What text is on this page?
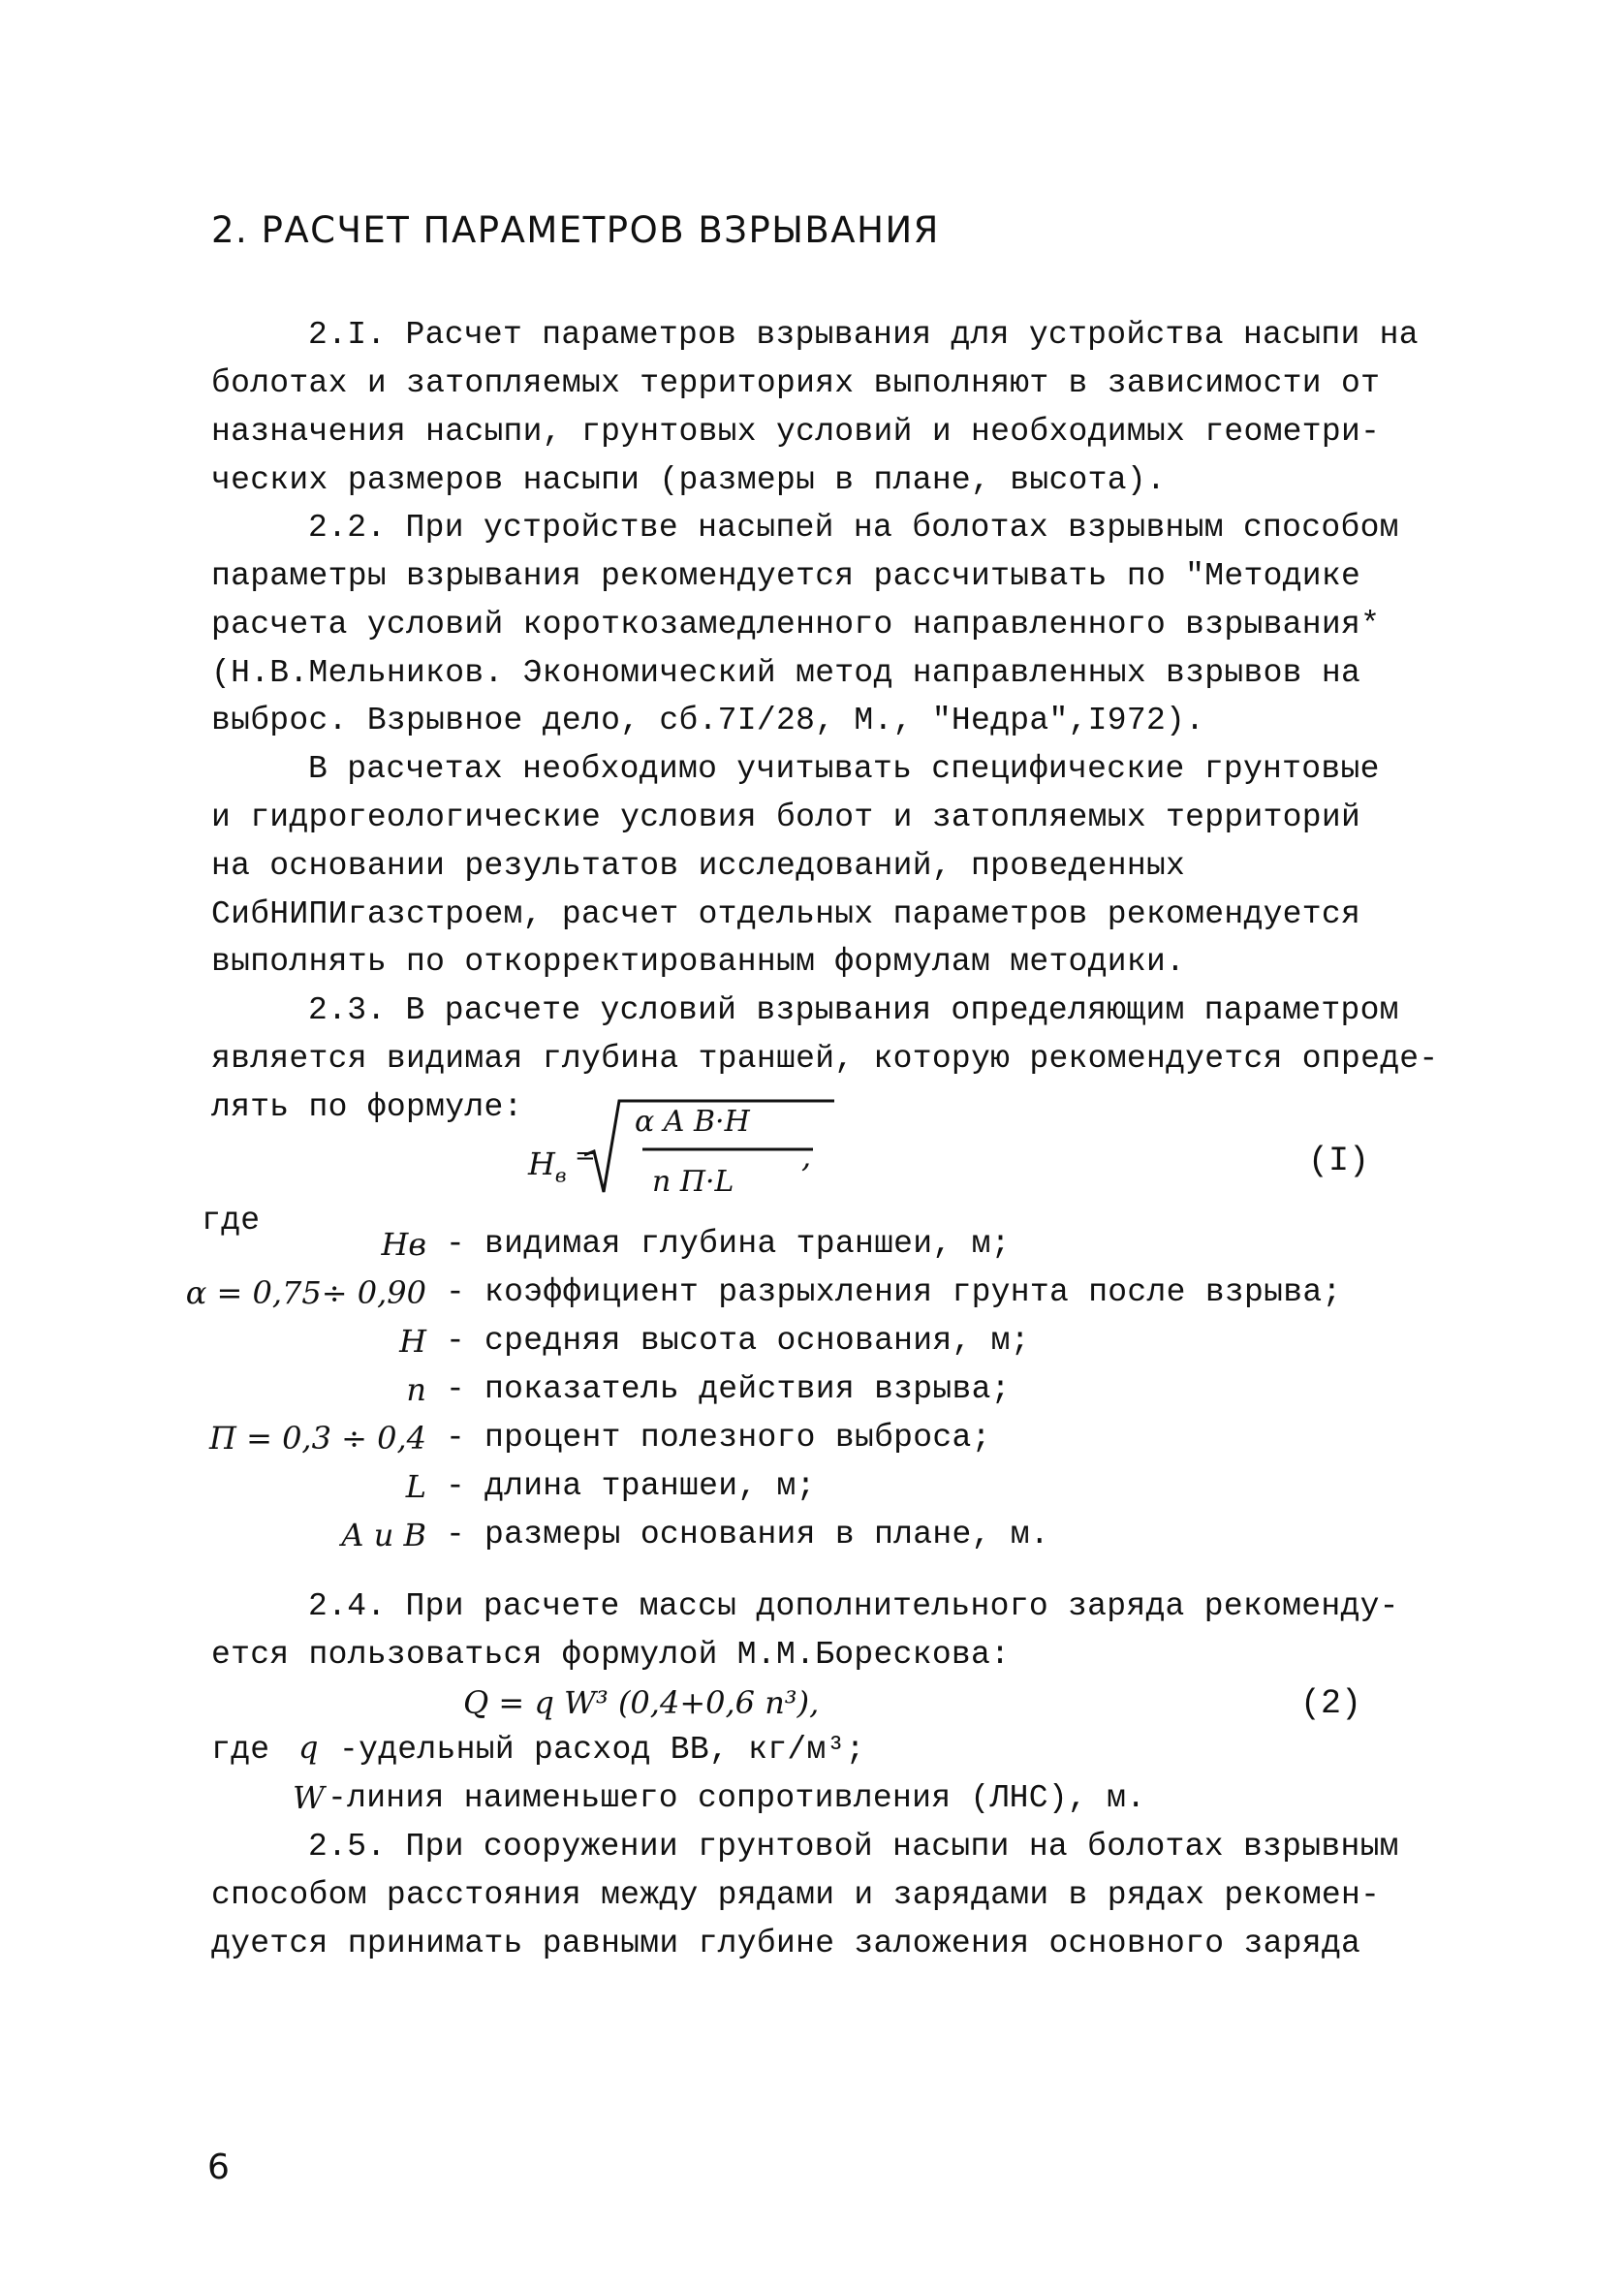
2. РАСЧЕТ ПАРАМЕТРОВ ВЗРЫВАНИЯ
2.I. Расчет параметров взрывания для устройства насыпи на
болотах и затопляемых территориях выполняют в зависимости от
назначения насыпи, грунтовых условий и необходимых геометри-
ческих размеров насыпи (размеры в плане, высота).
2.2. При устройстве насыпей на болотах взрывным способом
параметры взрывания рекомендуется рассчитывать по "Методике
расчета условий короткозамедленного направленного взрывания*
(Н.В.Мельников. Экономический метод направленных взрывов на
выброс. Взрывное дело, сб.7I/28, М., "Недра",I972).
В расчетах необходимо учитывать специфические грунтовые
и гидрогеологические условия болот и затопляемых территорий
на основании результатов исследований, проведенных
СибНИПИгазстроем, расчет отдельных параметров рекомендуется
выполнять по откорректированным формулам методики.
2.3. В расчете условий взрывания определяющим параметром
является видимая глубина траншей, которую рекомендуется опреде-
лять по формуле:
$H_в$
=
α A B·H
n П·L
,	(I)
где
Hв - видимая глубина траншеи, м;
α = 0,75÷ 0,90 - коэффициент разрыхления грунта после взрыва;
H - средняя высота основания, м;
n - показатель действия взрыва;
П = 0,3 ÷ 0,4 - процент полезного выброса;
L - длина траншеи, м;
A и B - размеры основания в плане, м.
2.4. При расчете массы дополнительного заряда рекоменду-
ется пользоваться формулой М.М.Борескова:
Q = q W³ (0,4+0,6 n³),	(2)
где q -удельный расход ВВ, кг/м³;
W -линия наименьшего сопротивления (ЛНС), м.
2.5. При сооружении грунтовой насыпи на болотах взрывным
способом расстояния между рядами и зарядами в рядах рекомен-
дуется принимать равными глубине заложения основного заряда
6
